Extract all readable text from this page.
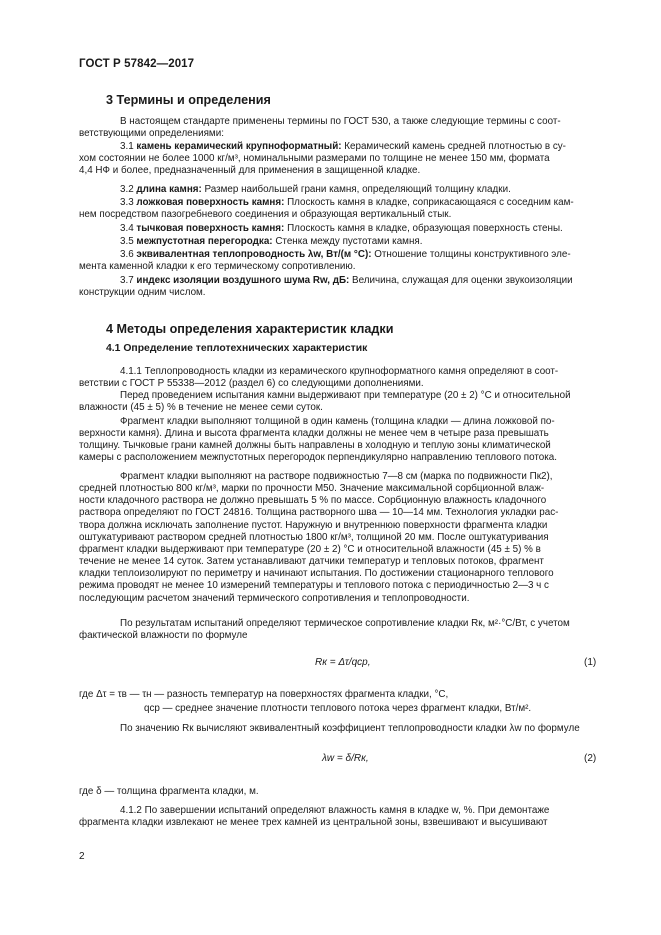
ГОСТ Р 57842—2017
3 Термины и определения
В настоящем стандарте применены термины по ГОСТ 530, а также следующие термины с соот-
ветствующими определениями:
3.1 камень керамический крупноформатный: Керамический камень средней плотностью в су-
хом состоянии не более 1000 кг/м³, номинальными размерами по толщине не менее 150 мм, формата
4,4 НФ и более, предназначенный для применения в защищенной кладке.
3.2 длина камня: Размер наибольшей грани камня, определяющий толщину кладки.
3.3 ложковая поверхность камня: Плоскость камня в кладке, соприкасающаяся с соседним кам-
нем посредством пазогребневого соединения и образующая вертикальный стык.
3.4 тычковая поверхность камня: Плоскость камня в кладке, образующая поверхность стены.
3.5 межпустотная перегородка: Стенка между пустотами камня.
3.6 эквивалентная теплопроводность λw, Вт/(м °С): Отношение толщины конструктивного эле-
мента каменной кладки к его термическому сопротивлению.
3.7 индекс изоляции воздушного шума Rw, дБ: Величина, служащая для оценки звукоизоляции
конструкции одним числом.
4 Методы определения характеристик кладки
4.1 Определение теплотехнических характеристик
4.1.1 Теплопроводность кладки из керамического крупноформатного камня определяют в соот-
ветствии с ГОСТ Р 55338—2012 (раздел 6) со следующими дополнениями.
Перед проведением испытания камни выдерживают при температуре (20 ± 2) °С и относительной
влажности (45 ± 5) % в течение не менее семи суток.
Фрагмент кладки выполняют толщиной в один камень (толщина кладки — длина ложковой по-
верхности камня). Длина и высота фрагмента кладки должны не менее чем в четыре раза превышать
толщину. Тычковые грани камней должны быть направлены в холодную и теплую зоны климатической
камеры с расположением межпустотных перегородок перпендикулярно направлению теплового потока.
Фрагмент кладки выполняют на растворе подвижностью 7—8 см (марка по подвижности Пк2),
средней плотностью 800 кг/м³, марки по прочности М50. Значение максимальной сорбционной влаж-
ности кладочного раствора не должно превышать 5 % по массе. Сорбционную влажность кладочного
раствора определяют по ГОСТ 24816. Толщина растворного шва — 10—14 мм. Технология укладки рас-
твора должна исключать заполнение пустот. Наружную и внутреннюю поверхности фрагмента кладки
оштукатуривают раствором средней плотностью 1800 кг/м³, толщиной 20 мм. После оштукатуривания
фрагмент кладки выдерживают при температуре (20 ± 2) °С и относительной влажности (45 ± 5) % в
течение не менее 14 суток. Затем устанавливают датчики температур и тепловых потоков, фрагмент
кладки теплоизолируют по периметру и начинают испытания. По достижении стационарного теплового
режима проводят не менее 10 измерений температуры и теплового потока с периодичностью 2—3 ч с
последующим расчетом значений термического сопротивления и теплопроводности.
По результатам испытаний определяют термическое сопротивление кладки Rк, м²·°С/Вт, с учетом
фактической влажности по формуле
Rк = Δτ/qср,	(1)
где Δτ = τв — τн — разность температур на поверхностях фрагмента кладки, °С,
qср — среднее значение плотности теплового потока через фрагмент кладки, Вт/м².
По значению Rк вычисляют эквивалентный коэффициент теплопроводности кладки λw по формуле
λw = δ/Rк,	(2)
где δ — толщина фрагмента кладки, м.
4.1.2 По завершении испытаний определяют влажность камня в кладке w, %. При демонтаже
фрагмента кладки извлекают не менее трех камней из центральной зоны, взвешивают и высушивают
2
